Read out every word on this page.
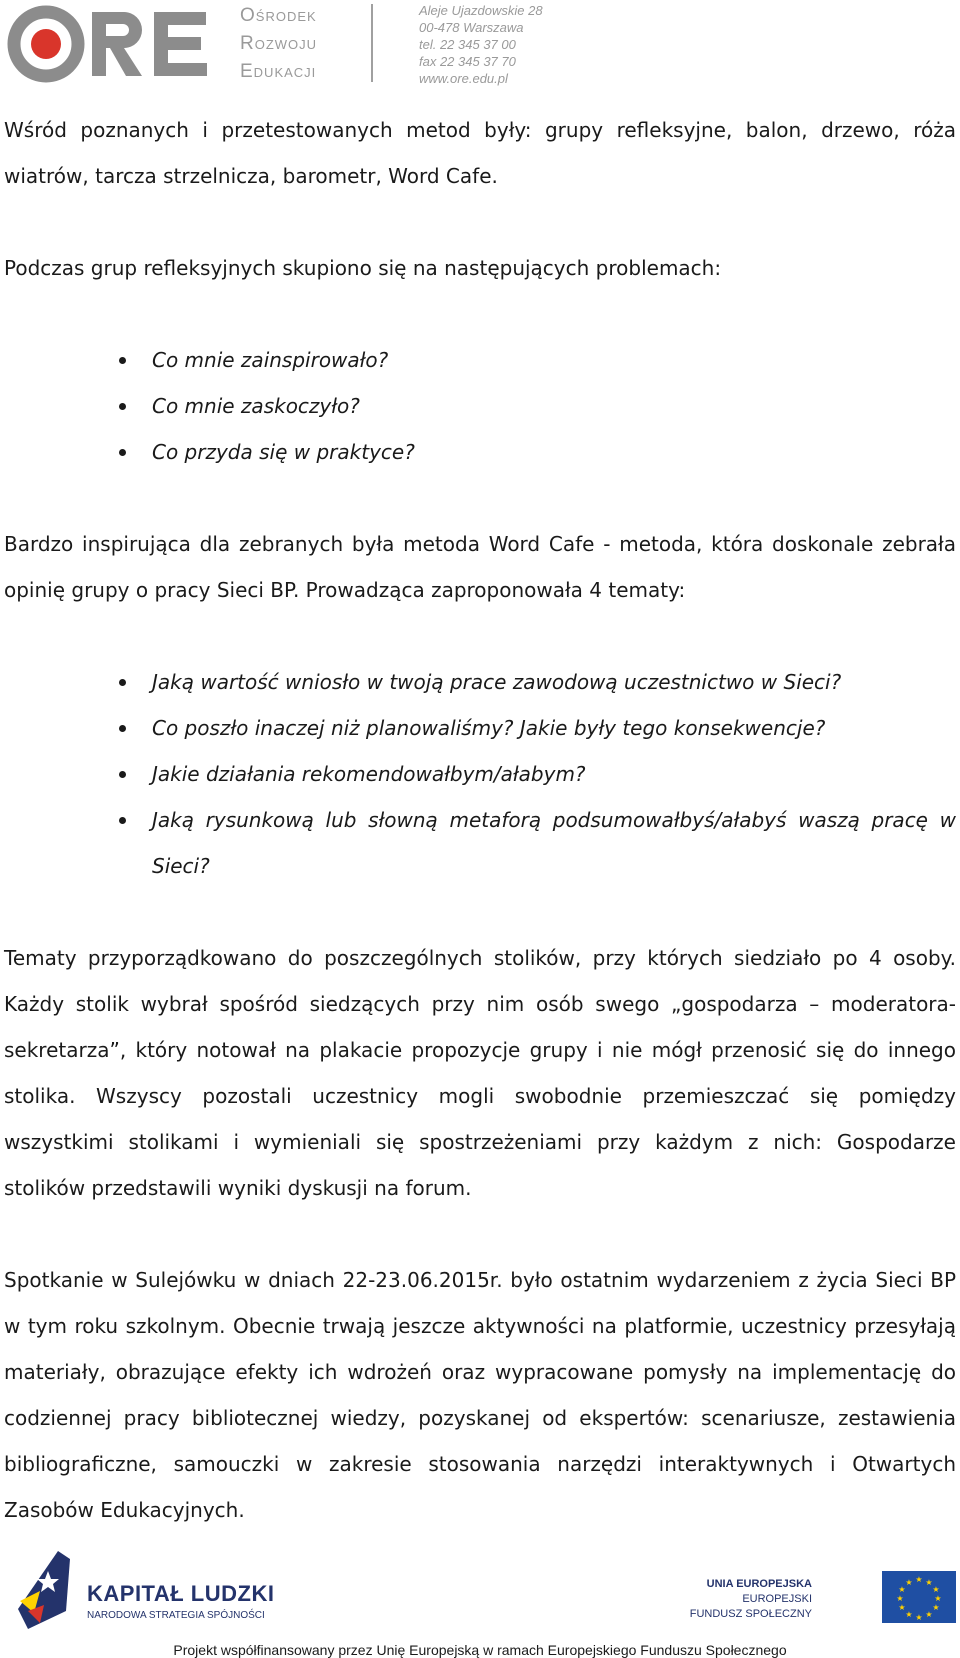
Ośrodek
Rozwoju
Edukacji
Aleje Ujazdowskie 28
00-478 Warszawa
tel. 22 345 37 00
fax 22 345 37 70
www.ore.edu.pl

Wśród poznanych i przetestowanych metod były: grupy refleksyjne, balon, drzewo, róża wiatrów, tarcza strzelnicza, barometr, Word Cafe.

Podczas grup refleksyjnych skupiono się na następujących problemach:

Co mnie zainspirowało?
Co mnie zaskoczyło?
Co przyda się w praktyce?

Bardzo inspirująca dla zebranych była metoda Word Cafe - metoda, która doskonale zebrała opinię grupy o pracy Sieci BP. Prowadząca zaproponowała 4 tematy:

Jaką wartość wniosło w twoją prace zawodową uczestnictwo w Sieci?
Co poszło inaczej niż planowaliśmy? Jakie były tego konsekwencje?
Jakie działania rekomendowałbym/ałabym?
Jaką rysunkową lub słowną metaforą podsumowałbyś/ałabyś waszą pracę w Sieci?

Tematy przyporządkowano do poszczególnych stolików, przy których siedziało po 4 osoby. Każdy stolik wybrał spośród siedzących przy nim osób swego „gospodarza – moderatora-sekretarza”, który notował na plakacie propozycje grupy i nie mógł przenosić się do innego stolika. Wszyscy pozostali uczestnicy mogli swobodnie przemieszczać się pomiędzy wszystkimi stolikami i wymieniali się spostrzeżeniami przy każdym z nich: Gospodarze stolików przedstawili wyniki dyskusji na forum.

Spotkanie w Sulejówku w dniach 22-23.06.2015r. było ostatnim wydarzeniem z życia Sieci BP w tym roku szkolnym. Obecnie trwają jeszcze aktywności na platformie, uczestnicy przesyłają materiały, obrazujące efekty ich wdrożeń oraz wypracowane pomysły na implementację do codziennej pracy bibliotecznej wiedzy, pozyskanej od ekspertów: scenariusze, zestawienia bibliograficzne, samouczki w zakresie stosowania narzędzi interaktywnych i Otwartych Zasobów Edukacyjnych.

KAPITAŁ LUDZKI
NARODOWA STRATEGIA SPÓJNOŚCI
UNIA EUROPEJSKA
EUROPEJSKI
FUNDUSZ SPOŁECZNY
★ ★
★
★
★
★
★
★
★
★
★
★
Projekt współfinansowany przez Unię Europejską w ramach Europejskiego Funduszu Społecznego
